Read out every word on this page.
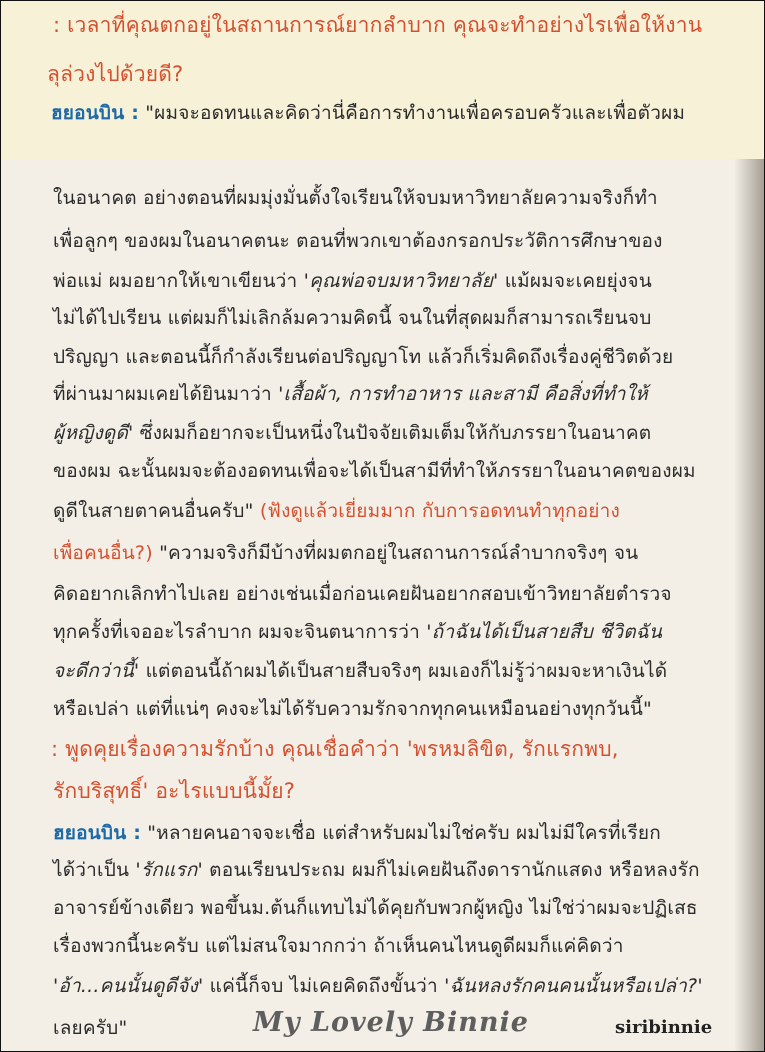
: เวลาที่คุณตกอยู่ในสถานการณ์ยากลำบาก คุณจะทำอย่างไรเพื่อให้งาน
ลุล่วงไปด้วยดี?
ฮยอนบิน : "ผมจะอดทนและคิดว่านี่คือการทำงานเพื่อครอบครัวและเพื่อตัวผม
ในอนาคต อย่างตอนที่ผมมุ่งมั่นตั้งใจเรียนให้จบมหาวิทยาลัยความจริงก็ทำ
เพื่อลูกๆ ของผมในอนาคตนะ ตอนที่พวกเขาต้องกรอกประวัติการศึกษาของ
พ่อแม่ ผมอยากให้เขาเขียนว่า 'คุณพ่อจบมหาวิทยาลัย' แม้ผมจะเคยยุ่งจน
ไม่ได้ไปเรียน แต่ผมก็ไม่เลิกล้มความคิดนี้ จนในที่สุดผมก็สามารถเรียนจบ
ปริญญา และตอนนี้ก็กำลังเรียนต่อปริญญาโท แล้วก็เริ่มคิดถึงเรื่องคู่ชีวิตด้วย
ที่ผ่านมาผมเคยได้ยินมาว่า 'เสื้อผ้า, การทำอาหาร และสามี คือสิ่งที่ทำให้
ผู้หญิงดูดี' ซึ่งผมก็อยากจะเป็นหนึ่งในปัจจัยเติมเต็มให้กับภรรยาในอนาคต
ของผม ฉะนั้นผมจะต้องอดทนเพื่อจะได้เป็นสามีที่ทำให้ภรรยาในอนาคตของผม
ดูดีในสายตาคนอื่นครับ" (ฟังดูแล้วเยี่ยมมาก กับการอดทนทำทุกอย่าง
เพื่อคนอื่น?) "ความจริงก็มีบ้างที่ผมตกอยู่ในสถานการณ์ลำบากจริงๆ จน
คิดอยากเลิกทำไปเลย อย่างเช่นเมื่อก่อนเคยฝันอยากสอบเข้าวิทยาลัยตำรวจ
ทุกครั้งที่เจออะไรลำบาก ผมจะจินตนาการว่า 'ถ้าฉันได้เป็นสายสืบ ชีวิตฉัน
จะดีกว่านี้' แต่ตอนนี้ถ้าผมได้เป็นสายสืบจริงๆ ผมเองก็ไม่รู้ว่าผมจะหาเงินได้
หรือเปล่า แต่ที่แน่ๆ คงจะไม่ได้รับความรักจากทุกคนเหมือนอย่างทุกวันนี้"
: พูดคุยเรื่องความรักบ้าง คุณเชื่อคำว่า 'พรหมลิขิต, รักแรกพบ,
รักบริสุทธิ์' อะไรแบบนี้มั้ย?
ฮยอนบิน : "หลายคนอาจจะเชื่อ แต่สำหรับผมไม่ใช่ครับ ผมไม่มีใครที่เรียก
ได้ว่าเป็น 'รักแรก' ตอนเรียนประถม ผมก็ไม่เคยฝันถึงดารานักแสดง หรือหลงรัก
อาจารย์ข้างเดียว พอขึ้นม.ต้นก็แทบไม่ได้คุยกับพวกผู้หญิง ไม่ใช่ว่าผมจะปฏิเสธ
เรื่องพวกนี้นะครับ แต่ไม่สนใจมากกว่า ถ้าเห็นคนไหนดูดีผมก็แค่คิดว่า
'อ้า...คนนั้นดูดีจัง' แค่นี้ก็จบ ไม่เคยคิดถึงขั้นว่า 'ฉันหลงรักคนคนนั้นหรือเปล่า?'
เลยครับ"	My Lovely Binnie	siribinnie
